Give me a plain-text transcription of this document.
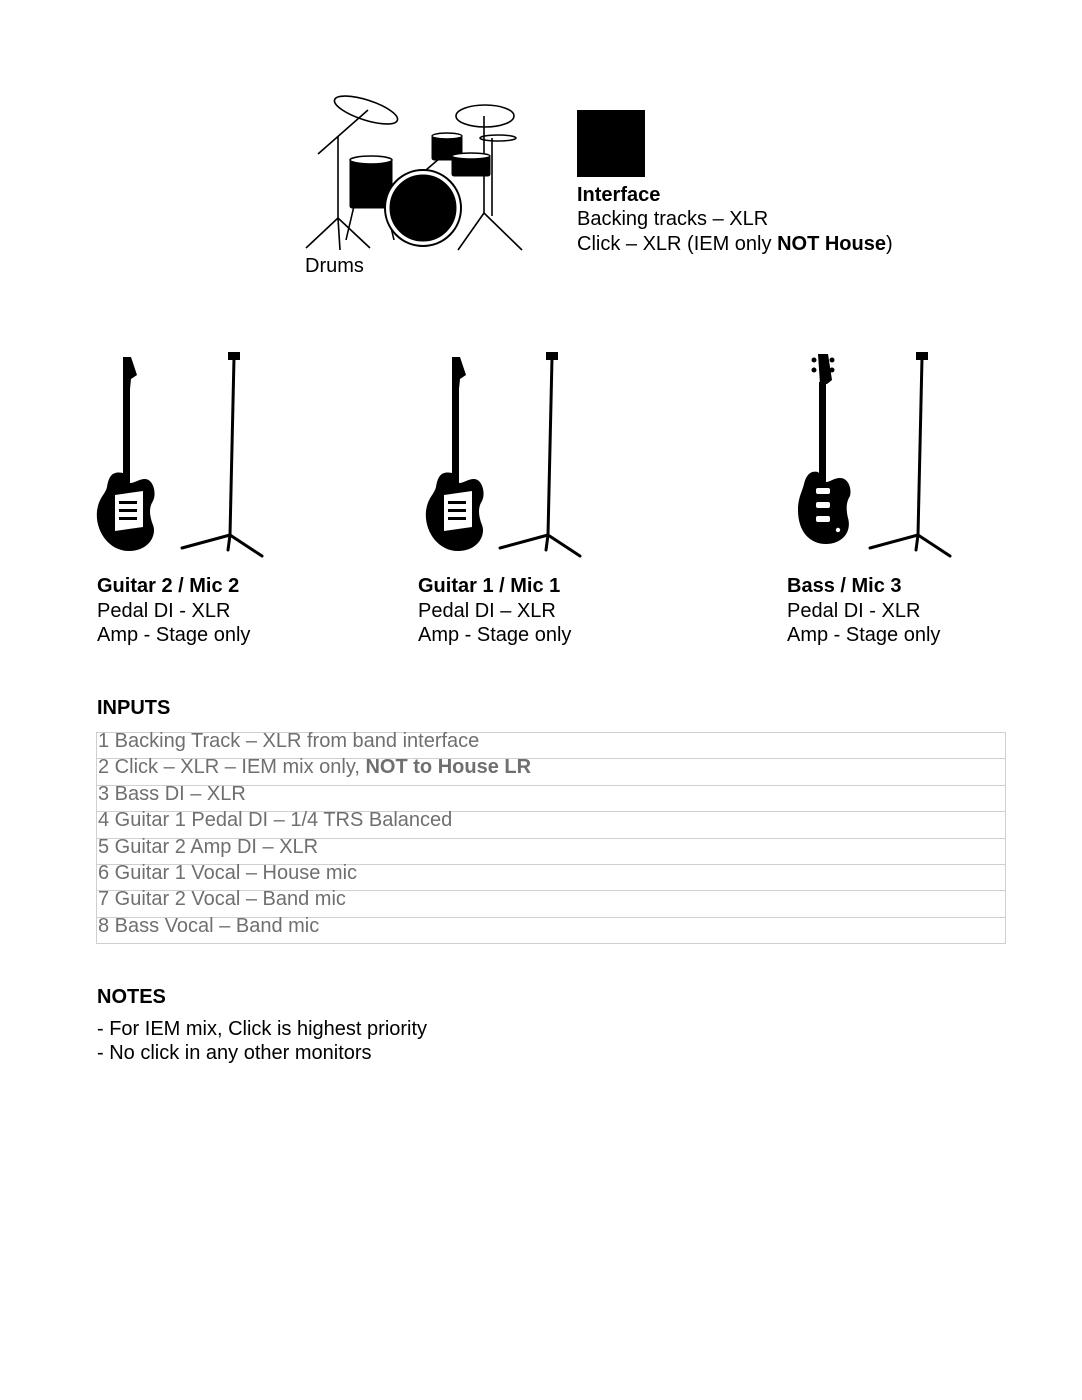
Drums
Interface
Backing tracks – XLR
Click – XLR (IEM only NOT House)
Guitar 2 / Mic 2
Pedal DI - XLR
Amp - Stage only
Guitar 1 / Mic 1
Pedal DI – XLR
Amp - Stage only
Bass / Mic 3
Pedal DI - XLR
Amp - Stage only
INPUTS
1 Backing Track – XLR from band interface
2 Click – XLR – IEM mix only, NOT to House LR
3 Bass DI – XLR
4 Guitar 1 Pedal DI – 1/4 TRS Balanced
5 Guitar 2 Amp DI – XLR
6 Guitar 1 Vocal – House mic
7 Guitar 2 Vocal – Band mic
8 Bass Vocal – Band mic
NOTES
- For IEM mix, Click is highest priority
- No click in any other monitors
